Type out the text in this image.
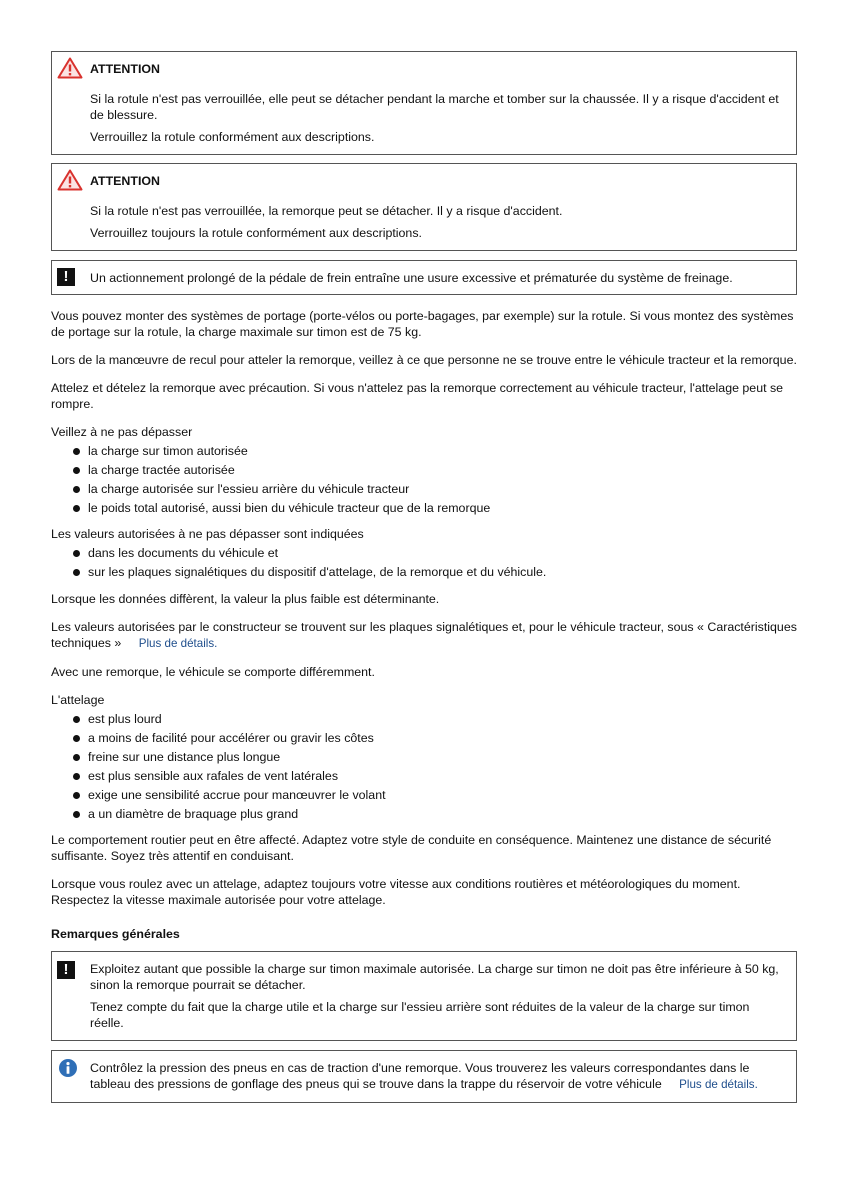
ATTENTION

Si la rotule n'est pas verrouillée, elle peut se détacher pendant la marche et tomber sur la chaussée. Il y a risque d'accident et de blessure.

Verrouillez la rotule conformément aux descriptions.

ATTENTION

Si la rotule n'est pas verrouillée, la remorque peut se détacher. Il y a risque d'accident.

Verrouillez toujours la rotule conformément aux descriptions.

!	Un actionnement prolongé de la pédale de frein entraîne une usure excessive et prématurée du système de freinage.

Vous pouvez monter des systèmes de portage (porte-vélos ou porte-bagages, par exemple) sur la rotule. Si vous montez des systèmes de portage sur la rotule, la charge maximale sur timon est de 75 kg.

Lors de la manœuvre de recul pour atteler la remorque, veillez à ce que personne ne se trouve entre le véhicule tracteur et la remorque.

Attelez et dételez la remorque avec précaution. Si vous n'attelez pas la remorque correctement au véhicule tracteur, l'attelage peut se rompre.

Veillez à ne pas dépasser

la charge sur timon autorisée
la charge tractée autorisée
la charge autorisée sur l'essieu arrière du véhicule tracteur
le poids total autorisé, aussi bien du véhicule tracteur que de la remorque

Les valeurs autorisées à ne pas dépasser sont indiquées

dans les documents du véhicule et
sur les plaques signalétiques du dispositif d'attelage, de la remorque et du véhicule.

Lorsque les données diffèrent, la valeur la plus faible est déterminante.

Les valeurs autorisées par le constructeur se trouvent sur les plaques signalétiques et, pour le véhicule tracteur, sous « Caractéristiques techniques » Plus de détails.

Avec une remorque, le véhicule se comporte différemment.

L'attelage

est plus lourd
a moins de facilité pour accélérer ou gravir les côtes
freine sur une distance plus longue
est plus sensible aux rafales de vent latérales
exige une sensibilité accrue pour manœuvrer le volant
a un diamètre de braquage plus grand

Le comportement routier peut en être affecté. Adaptez votre style de conduite en conséquence. Maintenez une distance de sécurité suffisante. Soyez très attentif en conduisant.

Lorsque vous roulez avec un attelage, adaptez toujours votre vitesse aux conditions routières et météorologiques du moment. Respectez la vitesse maximale autorisée pour votre attelage.

Remarques générales

!	Exploitez autant que possible la charge sur timon maximale autorisée. La charge sur timon ne doit pas être inférieure à 50 kg, sinon la remorque pourrait se détacher.

Tenez compte du fait que la charge utile et la charge sur l'essieu arrière sont réduites de la valeur de la charge sur timon réelle.

Contrôlez la pression des pneus en cas de traction d'une remorque. Vous trouverez les valeurs correspondantes dans le tableau des pressions de gonflage des pneus qui se trouve dans la trappe du réservoir de votre véhicule Plus de détails.
